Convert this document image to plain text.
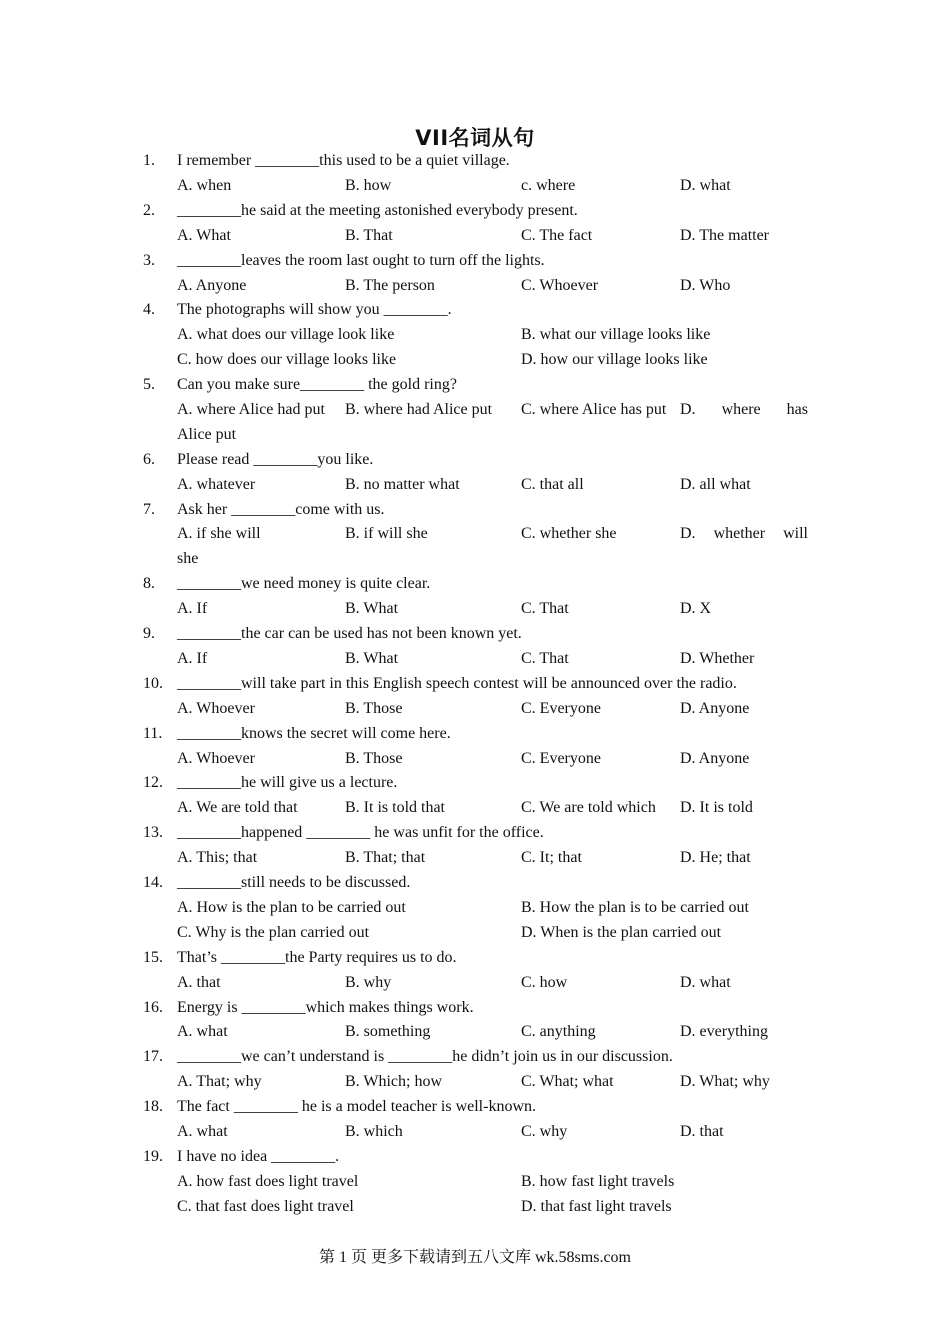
VII名词从句
1.	I remember ________this used to be a quiet village.
A. when	B. how	c. where	D. what
2.	________he said at the meeting astonished everybody present.
A. What	B. That	C. The fact	D. The matter
3.	________leaves the room last ought to turn off the lights.
A. Anyone	B. The person	C. Whoever	D. Who
4.	The photographs will show you ________.
A. what does our village look like	B. what our village looks like
C. how does our village looks like	D. how our village looks like
5.	Can you make sure________ the gold ring?
A. where Alice had put B. where had Alice put C. where Alice has put D. where has
Alice put
6.	Please read ________you like.
A. whatever	B. no matter what	C. that all	D. all what
7.	Ask her ________come with us.
A. if she will	B. if will she	C. whether she	D. whether will
she
8.	________we need money is quite clear.
A. If	B. What	C. That	D. X
9.	________the car can be used has not been known yet.
A. If	B. What	C. That	D. Whether
10. ________will take part in this English speech contest will be announced over the radio.
A. Whoever	B. Those	C. Everyone	D. Anyone
11. ________knows the secret will come here.
A. Whoever	B. Those	C. Everyone	D. Anyone
12. ________he will give us a lecture.
A. We are told that	B. It is told that	C. We are told which D. It is told
13. ________happened ________ he was unfit for the office.
A. This; that	B. That; that	C. It; that	D. He; that
14. ________still needs to be discussed.
A. How is the plan to be carried out	B. How the plan is to be carried out
C. Why is the plan carried out	D. When is the plan carried out
15. That’s ________the Party requires us to do.
A. that	B. why	C. how	D. what
16. Energy is ________which makes things work.
A. what	B. something	C. anything	D. everything
17. ________we can’t understand is ________he didn’t join us in our discussion.
A. That; why	B. Which; how	C. What; what	D. What; why
18. The fact ________ he is a model teacher is well-known.
A. what	B. which	C. why	D. that
19. I have no idea ________.
A. how fast does light travel	B. how fast light travels
C. that fast does light travel	D. that fast light travels
第 1 页 更多下载请到五八文库 wk.58sms.com
